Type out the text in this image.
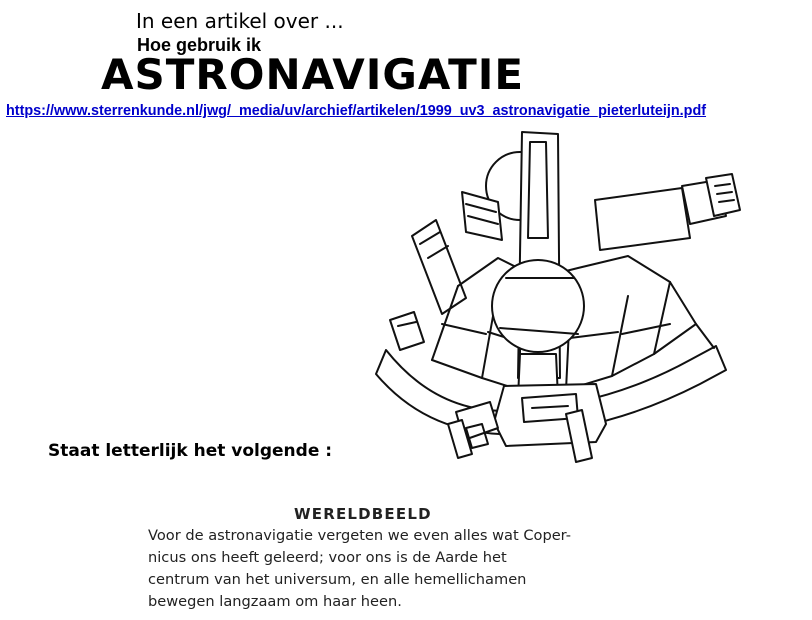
In een artikel over ...
Hoe gebruik ik
ASTRONAVIGATIE
https://www.sterrenkunde.nl/jwg/_media/uv/archief/artikelen/1999_uv3_astronavigatie_pieterluteijn.pdf
Staat letterlijk het volgende :
WERELDBEELD
Voor de astronavigatie vergeten we even alles wat Coper-
nicus ons heeft geleerd; voor ons is de Aarde het
centrum van het universum, en alle hemellichamen
bewegen langzaam om haar heen.
